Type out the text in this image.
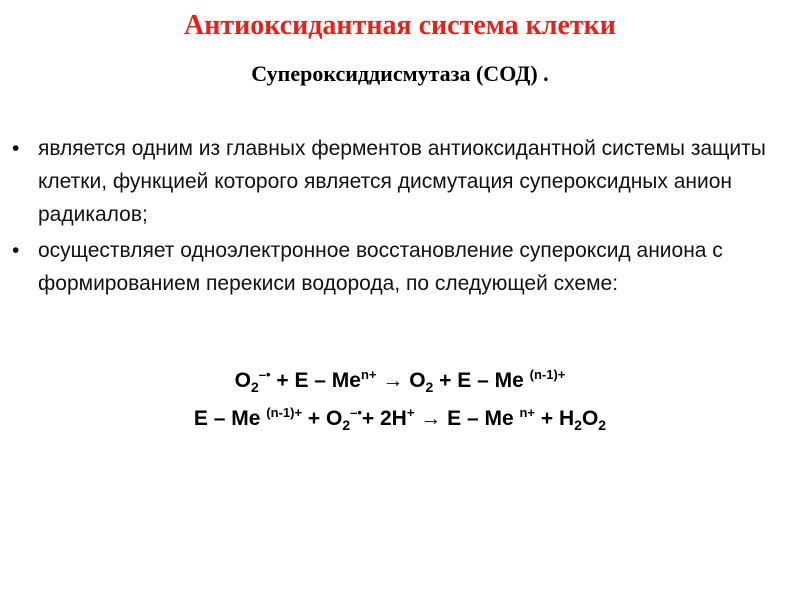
Антиоксидантная система клетки
Супероксиддисмутаза (СОД) .
• является одним из главных ферментов антиоксидантной системы защиты клетки, функцией которого является дисмутация супероксидных анион радикалов;
• осуществляет одноэлектронное восстановление супероксид аниона с формированием перекиси водорода, по следующей схеме:
$O_2^{-•} + E - Me^{n+} \to O_2 + E - Me$ $^{(n-1)+}$
E – Me $^{(n-1)+} + O_2^{-•}+ 2H^+ \to E - Me$ $^{n+} + H_2O_2$
